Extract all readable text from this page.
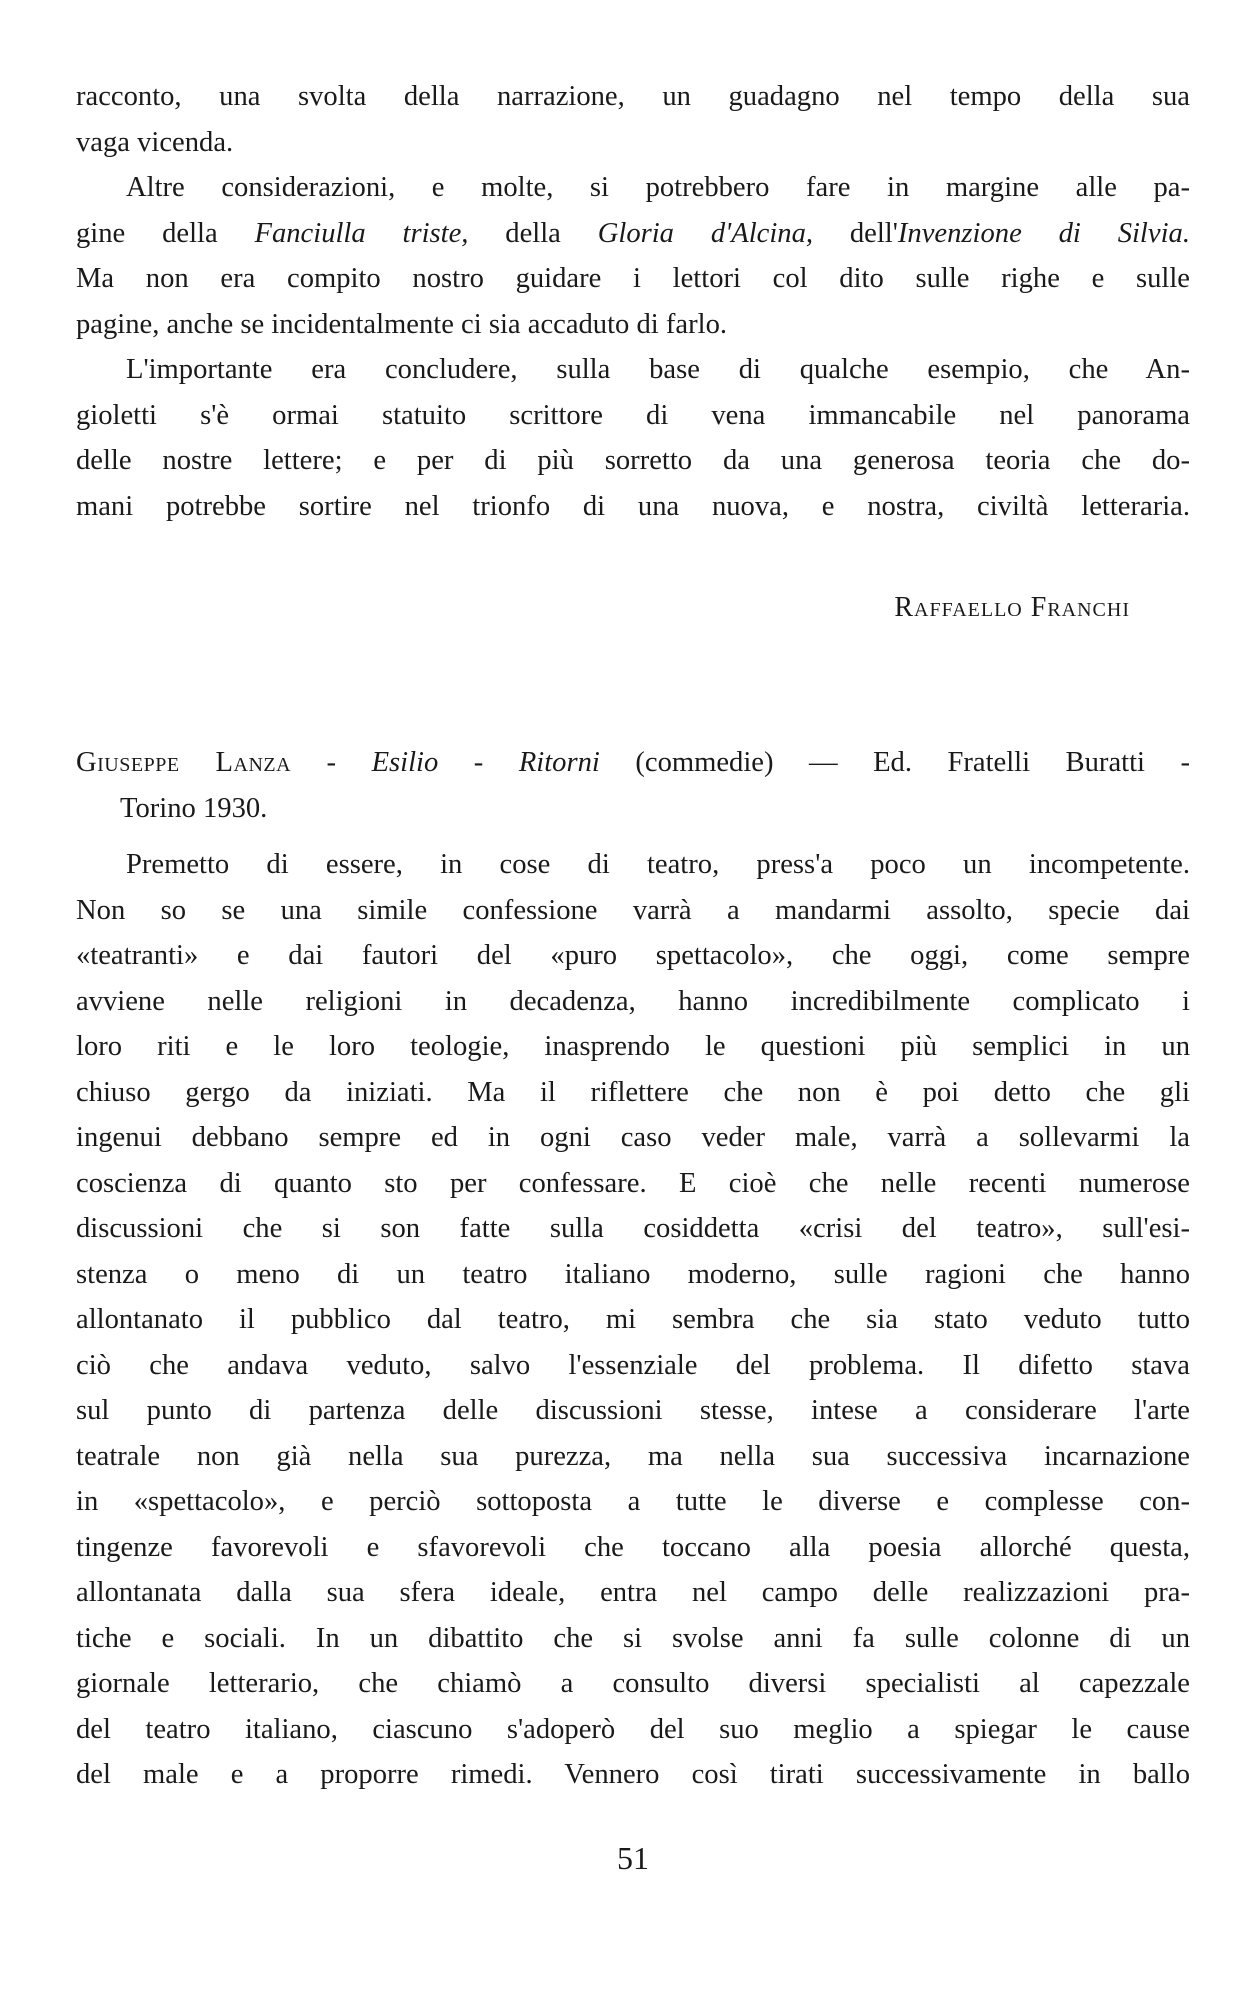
racconto, una svolta della narrazione, un guadagno nel tempo della sua
vaga vicenda.
Altre considerazioni, e molte, si potrebbero fare in margine alle pa-
gine della Fanciulla triste, della Gloria d'Alcina, dell'Invenzione di Silvia.
Ma non era compito nostro guidare i lettori col dito sulle righe e sulle
pagine, anche se incidentalmente ci sia accaduto di farlo.
L'importante era concludere, sulla base di qualche esempio, che An-
gioletti s'è ormai statuito scrittore di vena immancabile nel panorama
delle nostre lettere; e per di più sorretto da una generosa teoria che do-
mani potrebbe sortire nel trionfo di una nuova, e nostra, civiltà letteraria.
Raffaello Franchi
Giuseppe Lanza - Esilio - Ritorni (commedie) — Ed. Fratelli Buratti -
Torino 1930.
Premetto di essere, in cose di teatro, press'a poco un incompetente.
Non so se una simile confessione varrà a mandarmi assolto, specie dai
«teatranti» e dai fautori del «puro spettacolo», che oggi, come sempre
avviene nelle religioni in decadenza, hanno incredibilmente complicato i
loro riti e le loro teologie, inasprendo le questioni più semplici in un
chiuso gergo da iniziati. Ma il riflettere che non è poi detto che gli
ingenui debbano sempre ed in ogni caso veder male, varrà a sollevarmi la
coscienza di quanto sto per confessare. E cioè che nelle recenti numerose
discussioni che si son fatte sulla cosiddetta «crisi del teatro», sull'esi-
stenza o meno di un teatro italiano moderno, sulle ragioni che hanno
allontanato il pubblico dal teatro, mi sembra che sia stato veduto tutto
ciò che andava veduto, salvo l'essenziale del problema. Il difetto stava
sul punto di partenza delle discussioni stesse, intese a considerare l'arte
teatrale non già nella sua purezza, ma nella sua successiva incarnazione
in «spettacolo», e perciò sottoposta a tutte le diverse e complesse con-
tingenze favorevoli e sfavorevoli che toccano alla poesia allorché questa,
allontanata dalla sua sfera ideale, entra nel campo delle realizzazioni pra-
tiche e sociali. In un dibattito che si svolse anni fa sulle colonne di un
giornale letterario, che chiamò a consulto diversi specialisti al capezzale
del teatro italiano, ciascuno s'adoperò del suo meglio a spiegar le cause
del male e a proporre rimedi. Vennero così tirati successivamente in ballo
51
